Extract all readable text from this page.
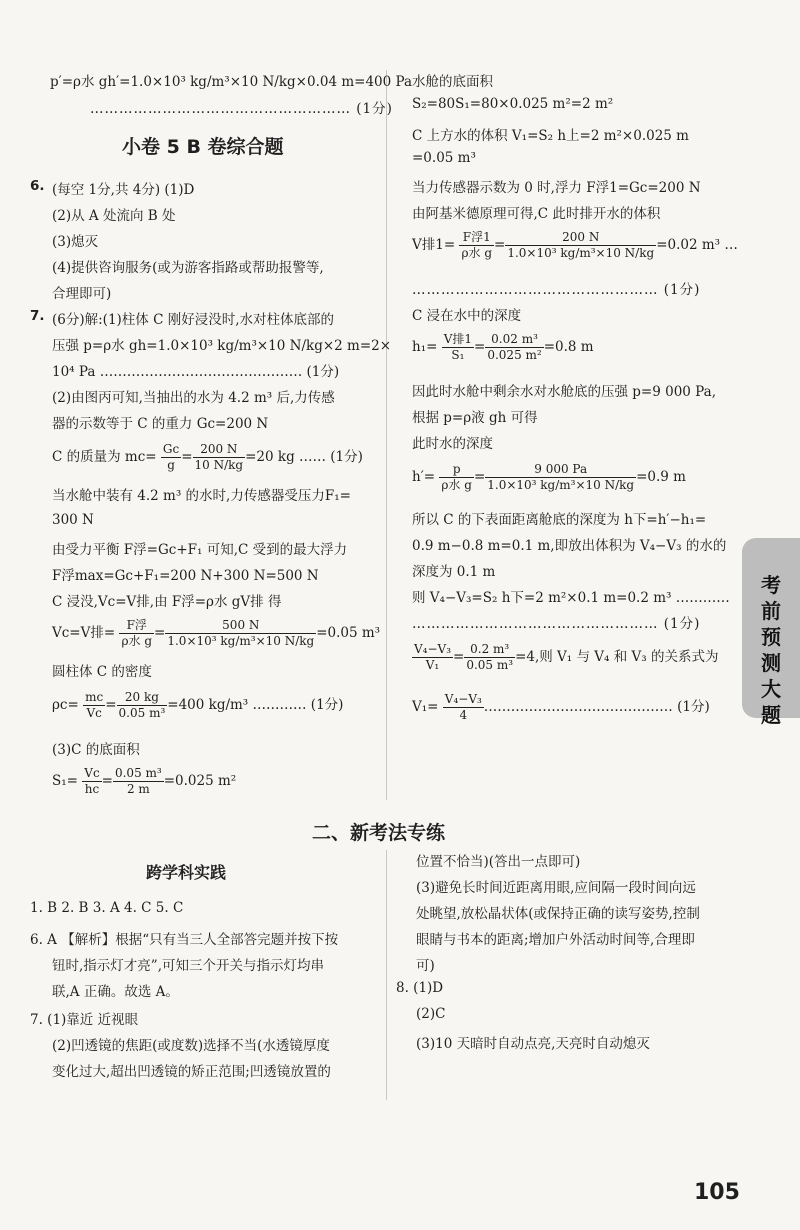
p′=ρ水 gh′=1.0×10³ kg/m³×10 N/kg×0.04 m=400 Pa
……………………………………………… (1分)
小卷 5 B 卷综合题
6. (每空 1分,共 4分) (1)D
(2)从 A 处流向 B 处
(3)熄灭
(4)提供咨询服务(或为游客指路或帮助报警等,
合理即可)
7. (6分)解:(1)柱体 C 刚好浸没时,水对柱体底部的
压强 p=ρ水 gh=1.0×10³ kg/m³×10 N/kg×2 m=2×
10⁴ Pa ……………………………………… (1分)
(2)由图丙可知,当抽出的水为 4.2 m³ 后,力传感
器的示数等于 C 的重力 Gc=200 N
C 的质量为 $mc= \frac{Gc}{g} = \frac{200 N}{10 N/kg} =20$ kg …… (1分)
当水舱中装有 4.2 m³ 的水时,力传感器受压力F₁=
300 N
由受力平衡 F浮=Gc+F₁ 可知,C 受到的最大浮力
F浮max=Gc+F₁=200 N+300 N=500 N
C 浸没,Vc=V排,由 F浮=ρ水 gV排 得
Vc=V排= $\frac{\text{F浮}}{\text{ρ水 g}} = \frac{500 N}{\text{1.0×10³ kg/m³×10 N/kg}} =0.05$ m³
圆柱体 C 的密度
$\rho c= \frac{mc}{Vc} = \frac{20 kg}{\text{0.05 m³}} =400$ kg/m³ ………… (1分)
(3)C 的底面积
$S_1= \frac{Vc}{hc} = \frac{\text{0.05 m³}}{2 m} =0.025$ m²
水舱的底面积
S₂=80S₁=80×0.025 m²=2 m²
C 上方水的体积 V₁=S₂ h上=2 m²×0.025 m
=0.05 m³
当力传感器示数为 0 时,浮力 F浮1=Gc=200 N
由阿基米德原理可得,C 此时排开水的体积
V排$1= \frac{\text{F浮1}}{\text{ρ水 g}} = \frac{200 N}{\text{1.0×10³ kg/m³×10 N/kg}} =0.02$ m³ …
…………………………………………… (1分)
C 浸在水中的深度
$h_1= \frac{\text{V排1}}{\text{S₁}} = \frac{\text{0.02 m³}}{\text{0.025 m²}} =0.8$ m
因此时水舱中剩余水对水舱底的压强 p=9 000 Pa,
根据 p=ρ液 gh 可得
此时水的深度
$h'= \frac{p}{\text{ρ水 g}} = \frac{9 000 Pa}{\text{1.0×10³ kg/m³×10 N/kg}} =0.9$ m
所以 C 的下表面距离舱底的深度为 h下=h′−h₁=
0.9 m−0.8 m=0.1 m,即放出体积为 V₄−V₃ 的水的
深度为 0.1 m
则 V₄−V₃=S₂ h下=2 m²×0.1 m=0.2 m³ …………
…………………………………………… (1分)
$\frac{\text{V₄−V₃}}{\text{V₁}} = \frac{\text{0.2 m³}}{\text{0.05 m³}} =4$,则 V₁ 与 V₄ 和 V₃ 的关系式为
$V_1= \frac{\text{V₄−V₃}}{4}$ …………………………………… (1分)
考前预测大题
二、新考法专练
跨学科实践
1. B 2. B 3. A 4. C 5. C
6. A 【解析】根据“只有当三人全部答完题并按下按
钮时,指示灯才亮”,可知三个开关与指示灯均串
联,A 正确。故选 A。
7. (1)靠近 近视眼
(2)凹透镜的焦距(或度数)选择不当(水透镜厚度
变化过大,超出凹透镜的矫正范围;凹透镜放置的
位置不恰当)(答出一点即可)
(3)避免长时间近距离用眼,应间隔一段时间向远
处眺望,放松晶状体(或保持正确的读写姿势,控制
眼睛与书本的距离;增加户外活动时间等,合理即
可)
8. (1)D
(2)C
(3)10 天暗时自动点亮,天亮时自动熄灭
105
